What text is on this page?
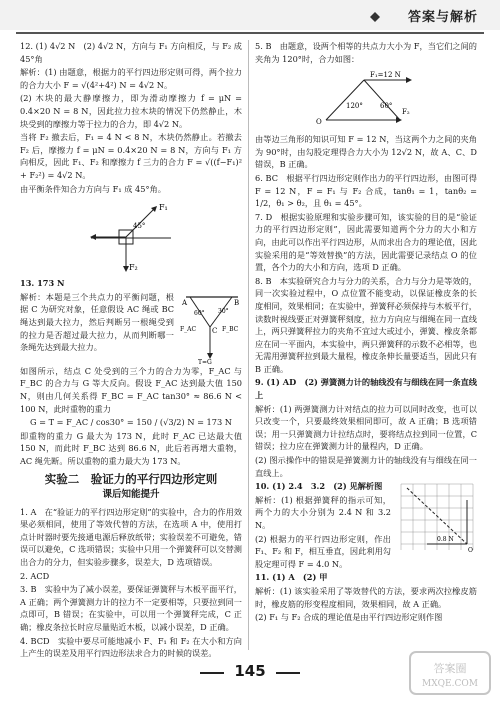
答案与解析

12. (1) 4√2 N　(2) 4√2 N，方向与 F₁ 方向相反，与 F₂ 成 45°角

解析：(1) 由题意，根据力的平行四边形定则可得，两个拉力的合力大小 F = √(4²+4²) N = 4√2 N。

(2) 木块的最大静摩擦力，即为滑动摩擦力 f = μN = 0.4×20 N = 8 N，因此拉力拉木块的情况下仍然静止，木块受到的摩擦力等于拉力的合力，即 4√2 N。

当将 F₂ 撤去后，F₁ = 4 N < 8 N，木块仍然静止。若撤去 F₂ 后，摩擦力 f = μN = 0.4×20 N = 8 N，方向与 F₁ 方向相反，因此 F₁、F₂ 和摩擦力 f 三力的合力 F = √((f−F₁)² + F₂²) = 4√2 N。

由平衡条件知合力方向与 F₁ 成 45°角。

F₁
F₂
45°

13. 173 N

解析：本题是三个共点力的平衡问题，根据 C 为研究对象，任意假设 AC 绳或 BC 绳达到最大拉力，然后判断另一根绳受到的拉力是否超过最大拉力，从而判断哪一条绳先达到最大拉力。

A	B
C
60° 30°
F_AC	F_BC
T=G

如图所示，结点 C 处受到的三个力的合力为零，F_AC 与 F_BC 的合力与 G 等大反向。假设 F_AC 达到最大值 150 N，则由几何关系得 F_BC = F_AC tan30° ≈ 86.6 N < 100 N，此时重物的重力

G = T = F_AC / cos30° = 150 / (√3/2) N = 173 N

即重物的重力 G 最大为 173 N，此时 F_AC 已达最大值 150 N，而此时 F_BC 达到 86.6 N，此后若再增大重物，AC 绳先断。所以重物的重力最大为 173 N。

实验二　验证力的平行四边形定则
课后知能提升

1. A　在“验证力的平行四边形定则”的实验中，合力的作用效果必须相同，使用了等效代替的方法，在选项 A 中，使用打点计时器时要先接通电源后释放纸带；实验误差不可避免，错误可以避免，C 选项错误；实验中只用一个弹簧秤可以交替测出合力的分力，但实验步骤多，误差大，D 选项错误。

2. ACD

3. B　实验中为了减小误差，要保证弹簧秤与木板平面平行，A 正确；两个弹簧测力计的拉力不一定要相等，只要拉到同一点即可，B 错误；在实验中，可以用一个弹簧秤完成，C 正确；橡皮条拉长时应尽量贴近木板，以减小误差，D 正确。

4. BCD　实验中要尽可能地减小 F、F₁ 和 F₂ 在大小和方向上产生的误差及用平行四边形法求合力的时候的误差。

5. B　由题意，设两个相等的共点力大小为 F，当它们之间的夹角为 120°时，合力如图：

O
F₁=12 N
120° 60°
F₂

由等边三角形的知识可知 F = 12 N，当这两个力之间的夹角为 90°时，由勾股定理得合力大小为 12√2 N，故 A、C、D 错误，B 正确。

6. BC　根据平行四边形定则作出力的平行四边形，由图可得 F = 12 N，F = F₁ 与 F₂ 合成，tanθ₁ = 1，tanθ₂ = 1/2，θ₁ > θ₂，且 θ₁ = 45°。

7. D　根据实验原理和实验步骤可知，该实验的目的是“验证力的平行四边形定则”，因此需要知道两个分力的大小和方向，由此可以作出平行四边形，从而求出合力的理论值，因此实验采用的是“等效替换”的方法，因此需要记录结点 O 的位置，各个力的大小和方向，选项 D 正确。

8. B　本实验研究合力与分力的关系，合力与分力是等效的，同一次实验过程中，O 点位置不能变动，以保证橡皮条的长度相同，效果相同；在实验中，弹簧秤必须保持与木板平行，读数时视线要正对弹簧秤刻度，拉力方向应与细绳在同一直线上，两只弹簧秤拉力的夹角不宜过大或过小，弹簧、橡皮条都应在同一平面内，本实验中，两只弹簧秤的示数不必相等，也无需用弹簧秤拉到最大量程，橡皮条伸长量要适当，因此只有 B 正确。

9. (1) AD　(2) 弹簧测力计的轴线没有与细线在同一条直线上

解析：(1) 两弹簧测力计对结点的拉力可以同时改变，也可以只改变一个，只要最终效果相同即可，故 A 正确；B 选项错误；用一只弹簧测力计拉结点时，要将结点拉到同一位置，C 错误；拉力应在弹簧测力计的量程内，D 正确。

(2) 图示操作中的错误是弹簧测力计的轴线没有与细线在同一直线上。

10. (1) 2.4　3.2　(2) 见解析图

解析：(1) 根据弹簧秤的指示可知，两个力的大小分别为 2.4 N 和 3.2 N。

(2) 根据力的平行四边形定则，作出 F₁、F₂ 和 F，相互垂直，因此利用勾股定理可得 F = 4.0 N。

0.8 N
O

11. (1) A　(2) 甲

解析：(1) 该实验采用了等效替代的方法，要求两次拉橡皮筋时，橡皮筋的形变程度相同，效果相同，故 A 正确。

(2) F₁ 与 F₂ 合成的理论值是由平行四边形定则作图

145	答案圈
MXQE.COM
